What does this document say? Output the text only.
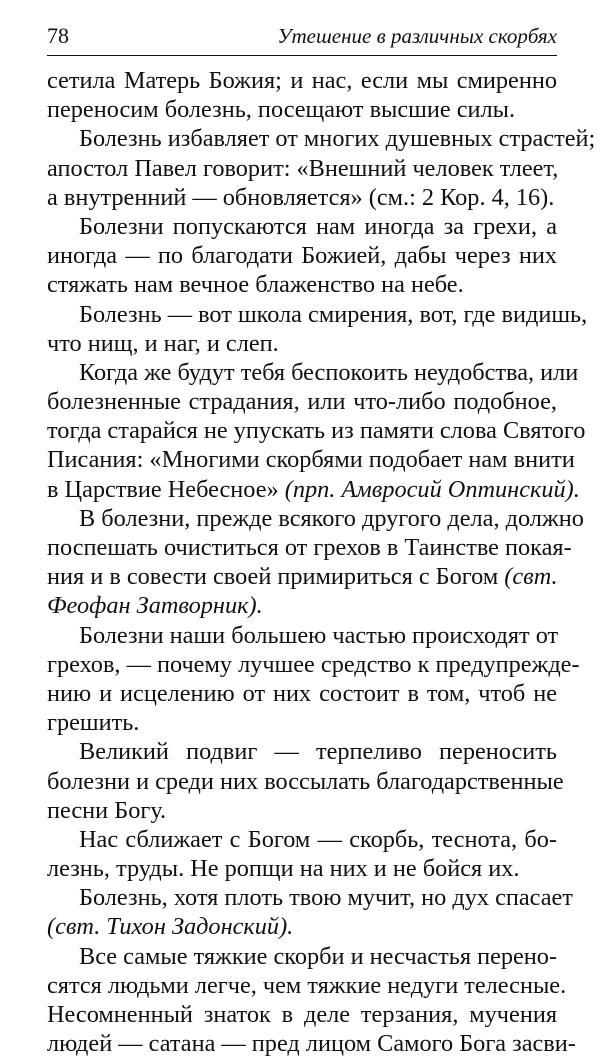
78	Утешение в различных скорбях
сетила Матерь Божия; и нас, если мы смиренно
переносим болезнь, посещают высшие силы.
Болезнь избавляет от многих душевных страстей;
апостол Павел говорит: «Внешний человек тлеет,
а внутренний — обновляется» (см.: 2 Кор. 4, 16).
Болезни попускаются нам иногда за грехи, а
иногда — по благодати Божией, дабы через них
стяжать нам вечное блаженство на небе.
Болезнь — вот школа смирения, вот, где видишь,
что нищ, и наг, и слеп.
Когда же будут тебя беспокоить неудобства, или
болезненные страдания, или что-либо подобное,
тогда старайся не упускать из памяти слова Святого
Писания: «Многими скорбями подобает нам внити
в Царствие Небесное» (прп. Амвросий Оптинский).
В болезни, прежде всякого другого дела, должно
поспешать очиститься от грехов в Таинстве покая-
ния и в совести своей примириться с Богом (свт.
Феофан Затворник).
Болезни наши большею частью происходят от
грехов, — почему лучшее средство к предупрежде-
нию и исцелению от них состоит в том, чтоб не
грешить.
Великий подвиг — терпеливо переносить
болезни и среди них воссылать благодарственные
песни Богу.
Нас сближает с Богом — скорбь, теснота, бо-
лезнь, труды. Не ропщи на них и не бойся их.
Болезнь, хотя плоть твою мучит, но дух спасает
(свт. Тихон Задонский).
Все самые тяжкие скорби и несчастья перено-
сятся людьми легче, чем тяжкие недуги телесные.
Несомненный знаток в деле терзания, мучения
людей — сатана — пред лицом Самого Бога засви-
